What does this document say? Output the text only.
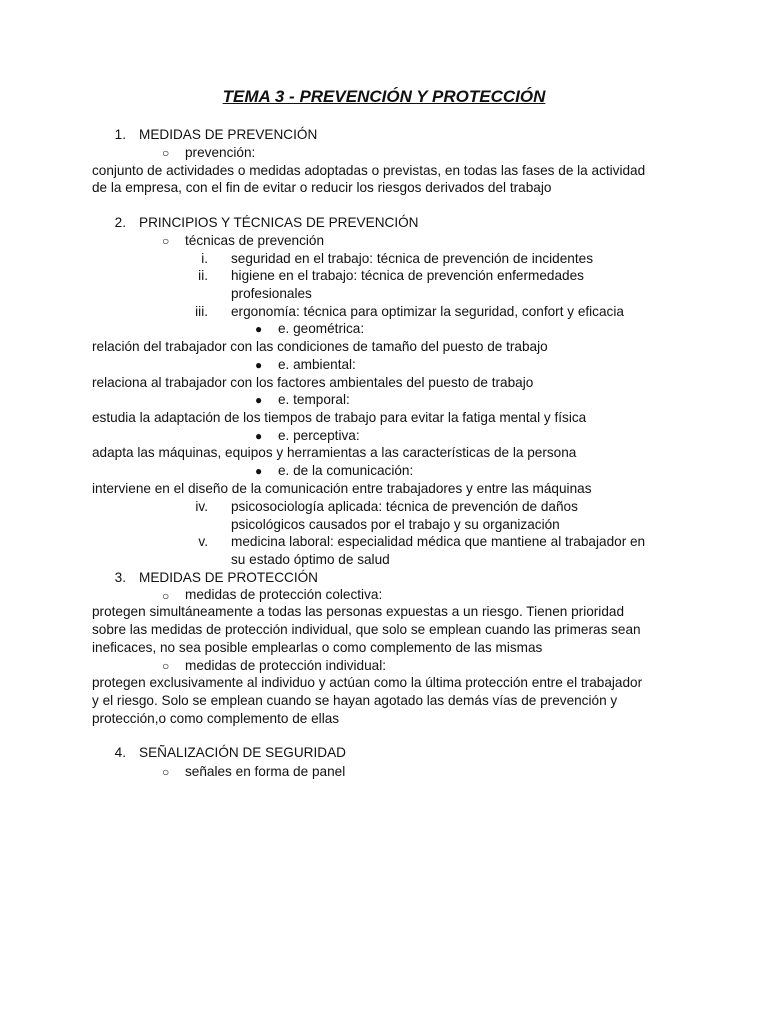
TEMA 3 - PREVENCIÓN Y PROTECCIÓN
1. MEDIDAS DE PREVENCIÓN
○ prevención:
conjunto de actividades o medidas adoptadas o previstas, en todas las fases de la actividad
de la empresa, con el fin de evitar o reducir los riesgos derivados del trabajo
2. PRINCIPIOS Y TÉCNICAS DE PREVENCIÓN
○ técnicas de prevención
i. seguridad en el trabajo: técnica de prevención de incidentes
ii. higiene en el trabajo: técnica de prevención enfermedades
profesionales
iii. ergonomía: técnica para optimizar la seguridad, confort y eficacia
● e. geométrica:
relación del trabajador con las condiciones de tamaño del puesto de trabajo
● e. ambiental:
relaciona al trabajador con los factores ambientales del puesto de trabajo
● e. temporal:
estudia la adaptación de los tiempos de trabajo para evitar la fatiga mental y física
● e. perceptiva:
adapta las máquinas, equipos y herramientas a las características de la persona
● e. de la comunicación:
interviene en el diseño de la comunicación entre trabajadores y entre las máquinas
iv. psicosociología aplicada: técnica de prevención de daños
psicológicos causados por el trabajo y su organización
v. medicina laboral: especialidad médica que mantiene al trabajador en
su estado óptimo de salud
3. MEDIDAS DE PROTECCIÓN
○ medidas de protección colectiva:
protegen simultáneamente a todas las personas expuestas a un riesgo. Tienen prioridad
sobre las medidas de protección individual, que solo se emplean cuando las primeras sean
ineficaces, no sea posible emplearlas o como complemento de las mismas
○ medidas de protección individual:
protegen exclusivamente al individuo y actúan como la última protección entre el trabajador
y el riesgo. Solo se emplean cuando se hayan agotado las demás vías de prevención y
protección,o como complemento de ellas
4. SEÑALIZACIÓN DE SEGURIDAD
○ señales en forma de panel
